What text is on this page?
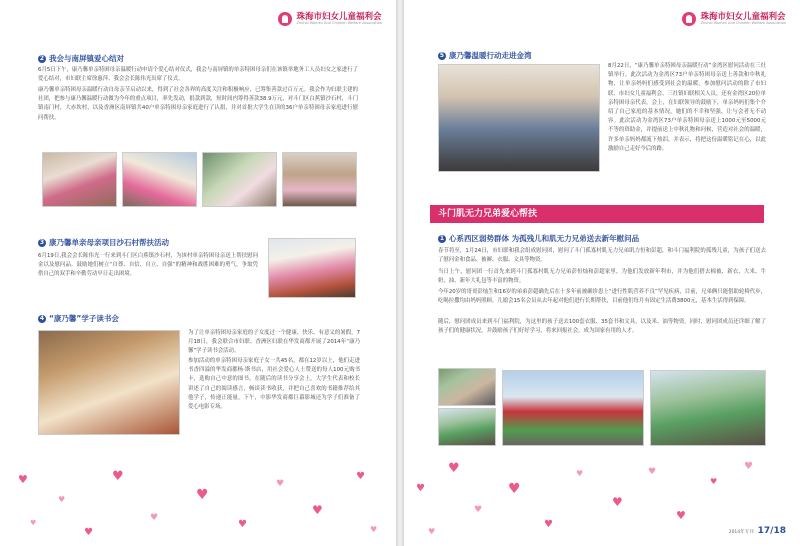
珠海市妇女儿童福利会
Zhuhai Women And Children Welfare Association
2 我会与南屏镇爱心结对

6月5日下午，康乃馨单亲特困母亲温暖行动申请个爱心结对仪式，我会与南屏镇的单亲特困母亲们在该镇举地务工人员妇女之家进行了爱心结对，市妇联主席徐惠萍、我会会长陈伟光出席了仪式。

康乃馨单亲特困母亲温暖行动自母亲节启动以来，得到了社会各界的高度关注和积极响应，已筹集善款过百万元。我会作为妇联主建的社团，把参与康乃馨温暖行动做为今年的重点项目，率先发动，捐款到款，短时间内筹得善款38.9万元，对斗门区白蕉镇沙石村，斗门镇南门村，大赤坎村，以及香洲区南屏镇共40户单亲特困母亲家庭进行了认捐，并对首批大学生在读的36户单亲特困母亲家庭进行慰问帮扶。

3 康乃馨单亲母亲项目沙石村帮扶活动

6月19日,我会会长陈伟光一行来到斗门区白蕉镇沙石村，为该村单亲特困母亲送上帮扶慰问金以及慰问品。鼓励她们树立“自尊、自信、自立、自强”的精神和战胜困难的勇气，争取凭借自己的双手和辛勤劳动早日走出困境。

4 “康乃馨”学子读书会

为了让单亲特困母亲家庭的子女度过一个健康、快乐、有意义的暑假，7月18日，我会联合市妇联、香洲区妇联在华发商都开展了2014年“康乃馨”学子读书会活动。

参加活动的单亲特困母亲家庭子女一共45名，都在12岁以上，他们走进书香四溢的华发商都杨·斯书店，用社会爱心人士赞送的每人100元购书卡，选购自己中意的图书。在随后的读书分享会上，大学生代表和校长讲述了自己的阅读感言，畅谈读书收获，并把自己喜欢的书籍推荐给其他学子，传递正能量。下午，中影华发商都巨幕影城还为学子们准备了爱心电影专场。

♥
♥
♥
♥
♥
♥
♥
♥
♥
♥
♥
♥
珠海市妇女儿童福利会
Zhuhai Women And Children Welfare Association
5 康乃馨温暖行动走进金湾

8月22日，“康乃馨单亲特困母亲温暖行动”金湾区慰问活动在三灶镇举行。此次活动为金湾区73户单亲特困母亲送上善款和中秋礼物，让单亲妈妈们感受到社会的温暖。参加慰问活动的除了市妇联、市妇女儿童福利会、三灶镇妇联相关人员，还有金湾区20位单亲特困母亲代表。会上，在妇联领导的鼓励下，单亲妈妈们集个介绍了自己家庭的基本情况，她们的不幸和坚强，让与会者无不动容。此次活动为金湾区73户单亲特困母亲送上1000元至5000元不等的资助金，并提前送上中秋礼物和问候，营造对社会的温暖，许多单亲妈妈都流下热泪，并表示，将把这份温暖铭记在心，以此激励自己走好今后的路。

斗门肌无力兄弟爱心帮扶
1 心系西区弱势群体 为孤残儿和肌无力兄弟送去新年慰问品

春节将至，1月24日，市妇联和我会组成慰问团，慰问了斗门孤寡村肌无力兄弟肌力恒和彭超，和斗门福利院的孤残儿童，为孩子们送去了慰问金和食品、被褥、衣服、文具等物资。

当日上午，慰问团一行首先来到斗门孤寡村肌无力兄弟彭恒灿和彭超家里，为他们发放新年利市，并为他们搭去棉被、新衣、大米、牛奶、油、新年大礼包等丰富的物资。

今年20岁的哥哥彭灿生和16岁的弟弟彭超确先后在十多年前被确诊患上“进行性肌营养不良”罕见疾病，目前，兄弟俩只能借助轮椅代步，吃喝拉撒均由妈妈照顾。儿媳会15名会员从去年起对他们进行长期帮扶，目前他们每月有固定生活费3800元，基本生活得到保障。

随后，慰问团成员来到斗门福利院，为这里的孩子送去100套衣服、35套书和文具，以及米、油等物资。同时，慰问团成员还详细了解了孩子们的健康状况，并鼓励孩子们好好学习，将来回报社会，成为国家有用的人才。

2014年专刊 17/18
♥
♥
♥
♥
♥
♥
♥
♥
♥
♥
♥
♥
